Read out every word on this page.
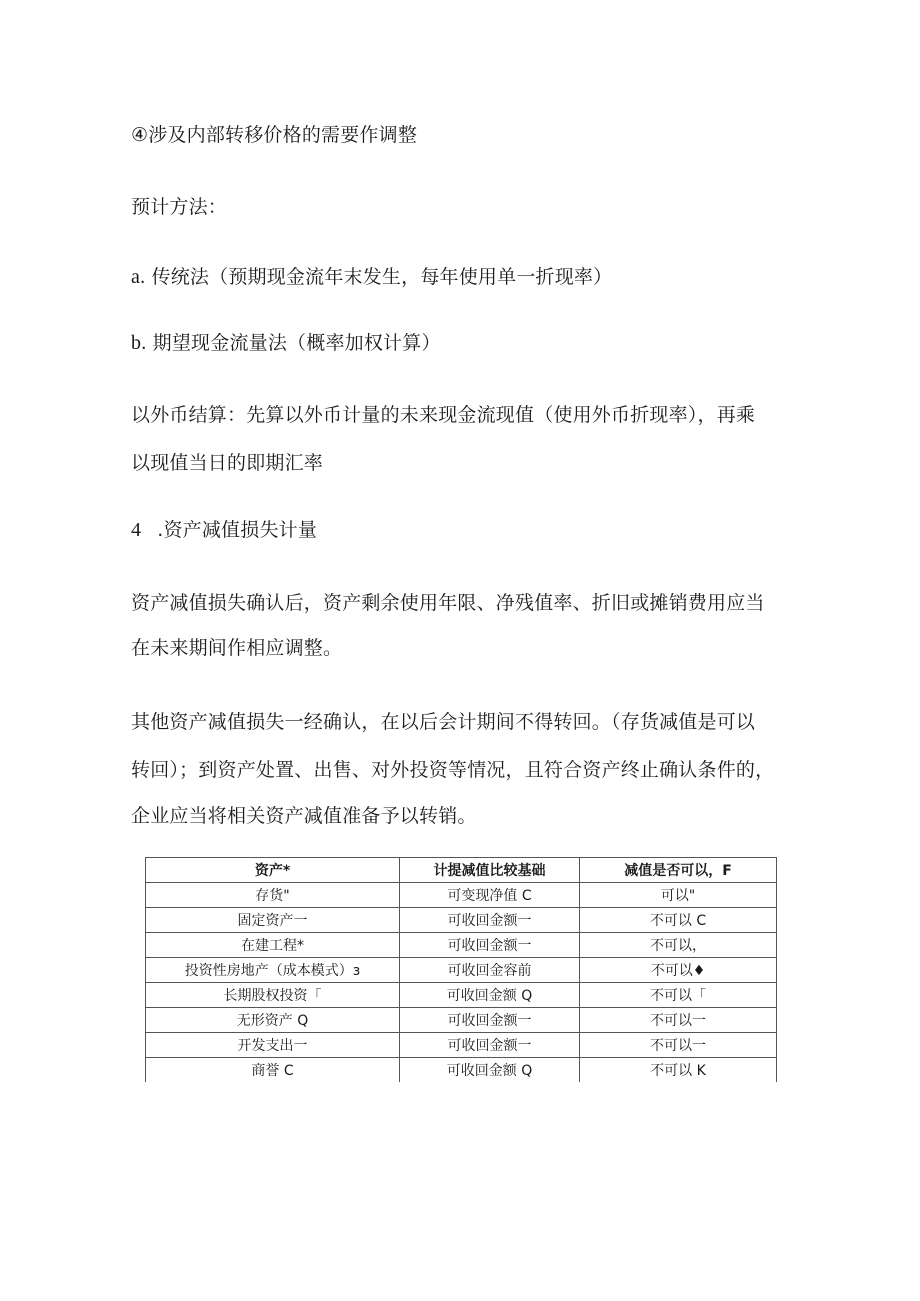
④涉及内部转移价格的需要作调整

预计方法：

a. 传统法（预期现金流年末发生，每年使用单一折现率）

b. 期望现金流量法（概率加权计算）

以外币结算：先算以外币计量的未来现金流现值（使用外币折现率），再乘

以现值当日的即期汇率

4 .资产减值损失计量

资产减值损失确认后，资产剩余使用年限、净残值率、折旧或摊销费用应当

在未来期间作相应调整。

其他资产减值损失一经确认，在以后会计期间不得转回。（存货减值是可以

转回）；到资产处置、出售、对外投资等情况，且符合资产终止确认条件的，

企业应当将相关资产减值准备予以转销。

资产*	计提减值比较基础	减值是否可以，F
存货"	可变现净值 C	可以"
固定资产一	可收回金额一	不可以 C
在建工程*	可收回金额一	不可以，
投资性房地产（成本模式）з	可收回金容前	不可以♦
长期股权投资「	可收回金额 Q	不可以「
无形资产 Q	可收回金额一	不可以一
开发支出一	可收回金额一	不可以一
商誉 C	可收回金额 Q	不可以 K
